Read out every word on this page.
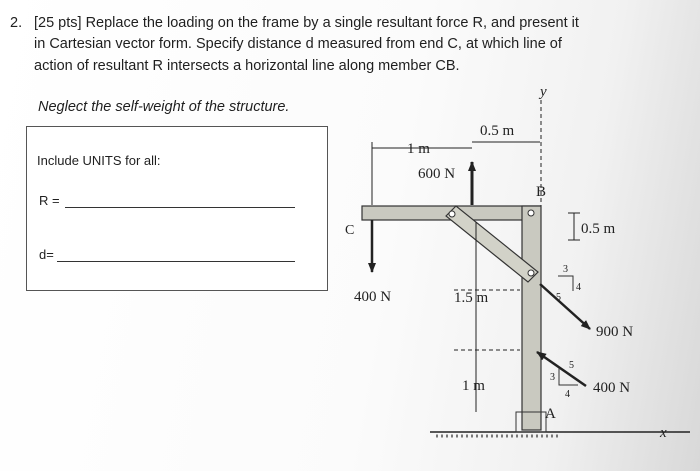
2. [25 pts] Replace the loading on the frame by a single resultant force R, and present it
in Cartesian vector form. Specify distance d measured from end C, at which line of
action of resultant R intersects a horizontal line along member CB.
Neglect the self-weight of the structure.
Include UNITS for all:
R =
d=
y
x
1 m
0.5 m
600 N
B
C
A
0.5 m
400 N	1.5 m
900 N
1 m	400 N
3
4
5
3
4
5
